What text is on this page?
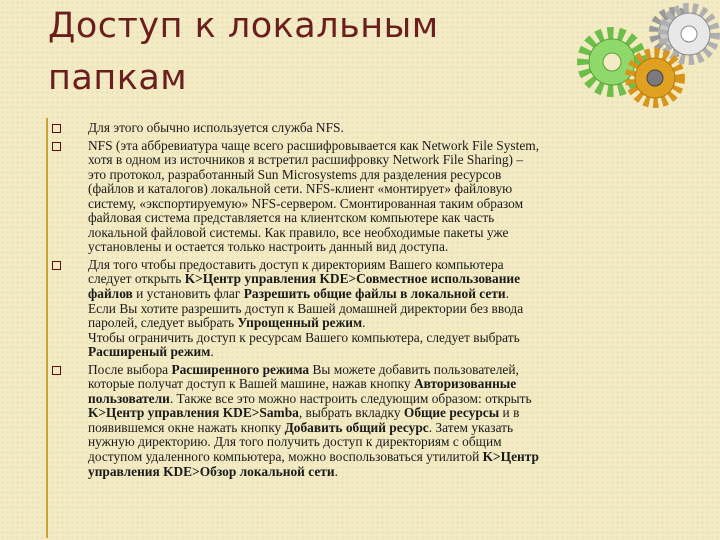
Доступ к локальным папкам

Для этого обычно используется служба NFS.

NFS (эта аббревиатура чаще всего расшифровывается как Network File System,

хотя в одном из источников я встретил расшифровку Network File Sharing) –

это протокол, разработанный Sun Microsystems для разделения ресурсов

(файлов и каталогов) локальной сети. NFS-клиент «монтирует» файловую

систему, «экспортируемую» NFS-сервером. Смонтированная таким образом

файловая система представляется на клиентском компьютере как часть

локальной файловой системы. Как правило, все необходимые пакеты уже

установлены и остается только настроить данный вид доступа.

Для того чтобы предоставить доступ к директориям Вашего компьютера

следует открыть K>Центр управления KDE>Совместное использование

файлов и установить флаг Разрешить общие файлы в локальной сети.

Если Вы хотите разрешить доступ к Вашей домашней директории без ввода

паролей, следует выбрать Упрощенный режим.

Чтобы ограничить доступ к ресурсам Вашего компьютера, следует выбрать

Расширеный режим.

После выбора Расширенного режима Вы можете добавить пользователей,

которые получат доступ к Вашей машине, нажав кнопку Авторизованные

пользователи. Также все это можно настроить следующим образом: открыть

K>Центр управления KDE>Samba, выбрать вкладку Общие ресурсы и в

появившемся окне нажать кнопку Добавить общий ресурс. Затем указать

нужную директорию. Для того получить доступ к директориям с общим

доступом удаленного компьютера, можно воспользоваться утилитой K>Центр

управления KDE>Обзор локальной сети.
